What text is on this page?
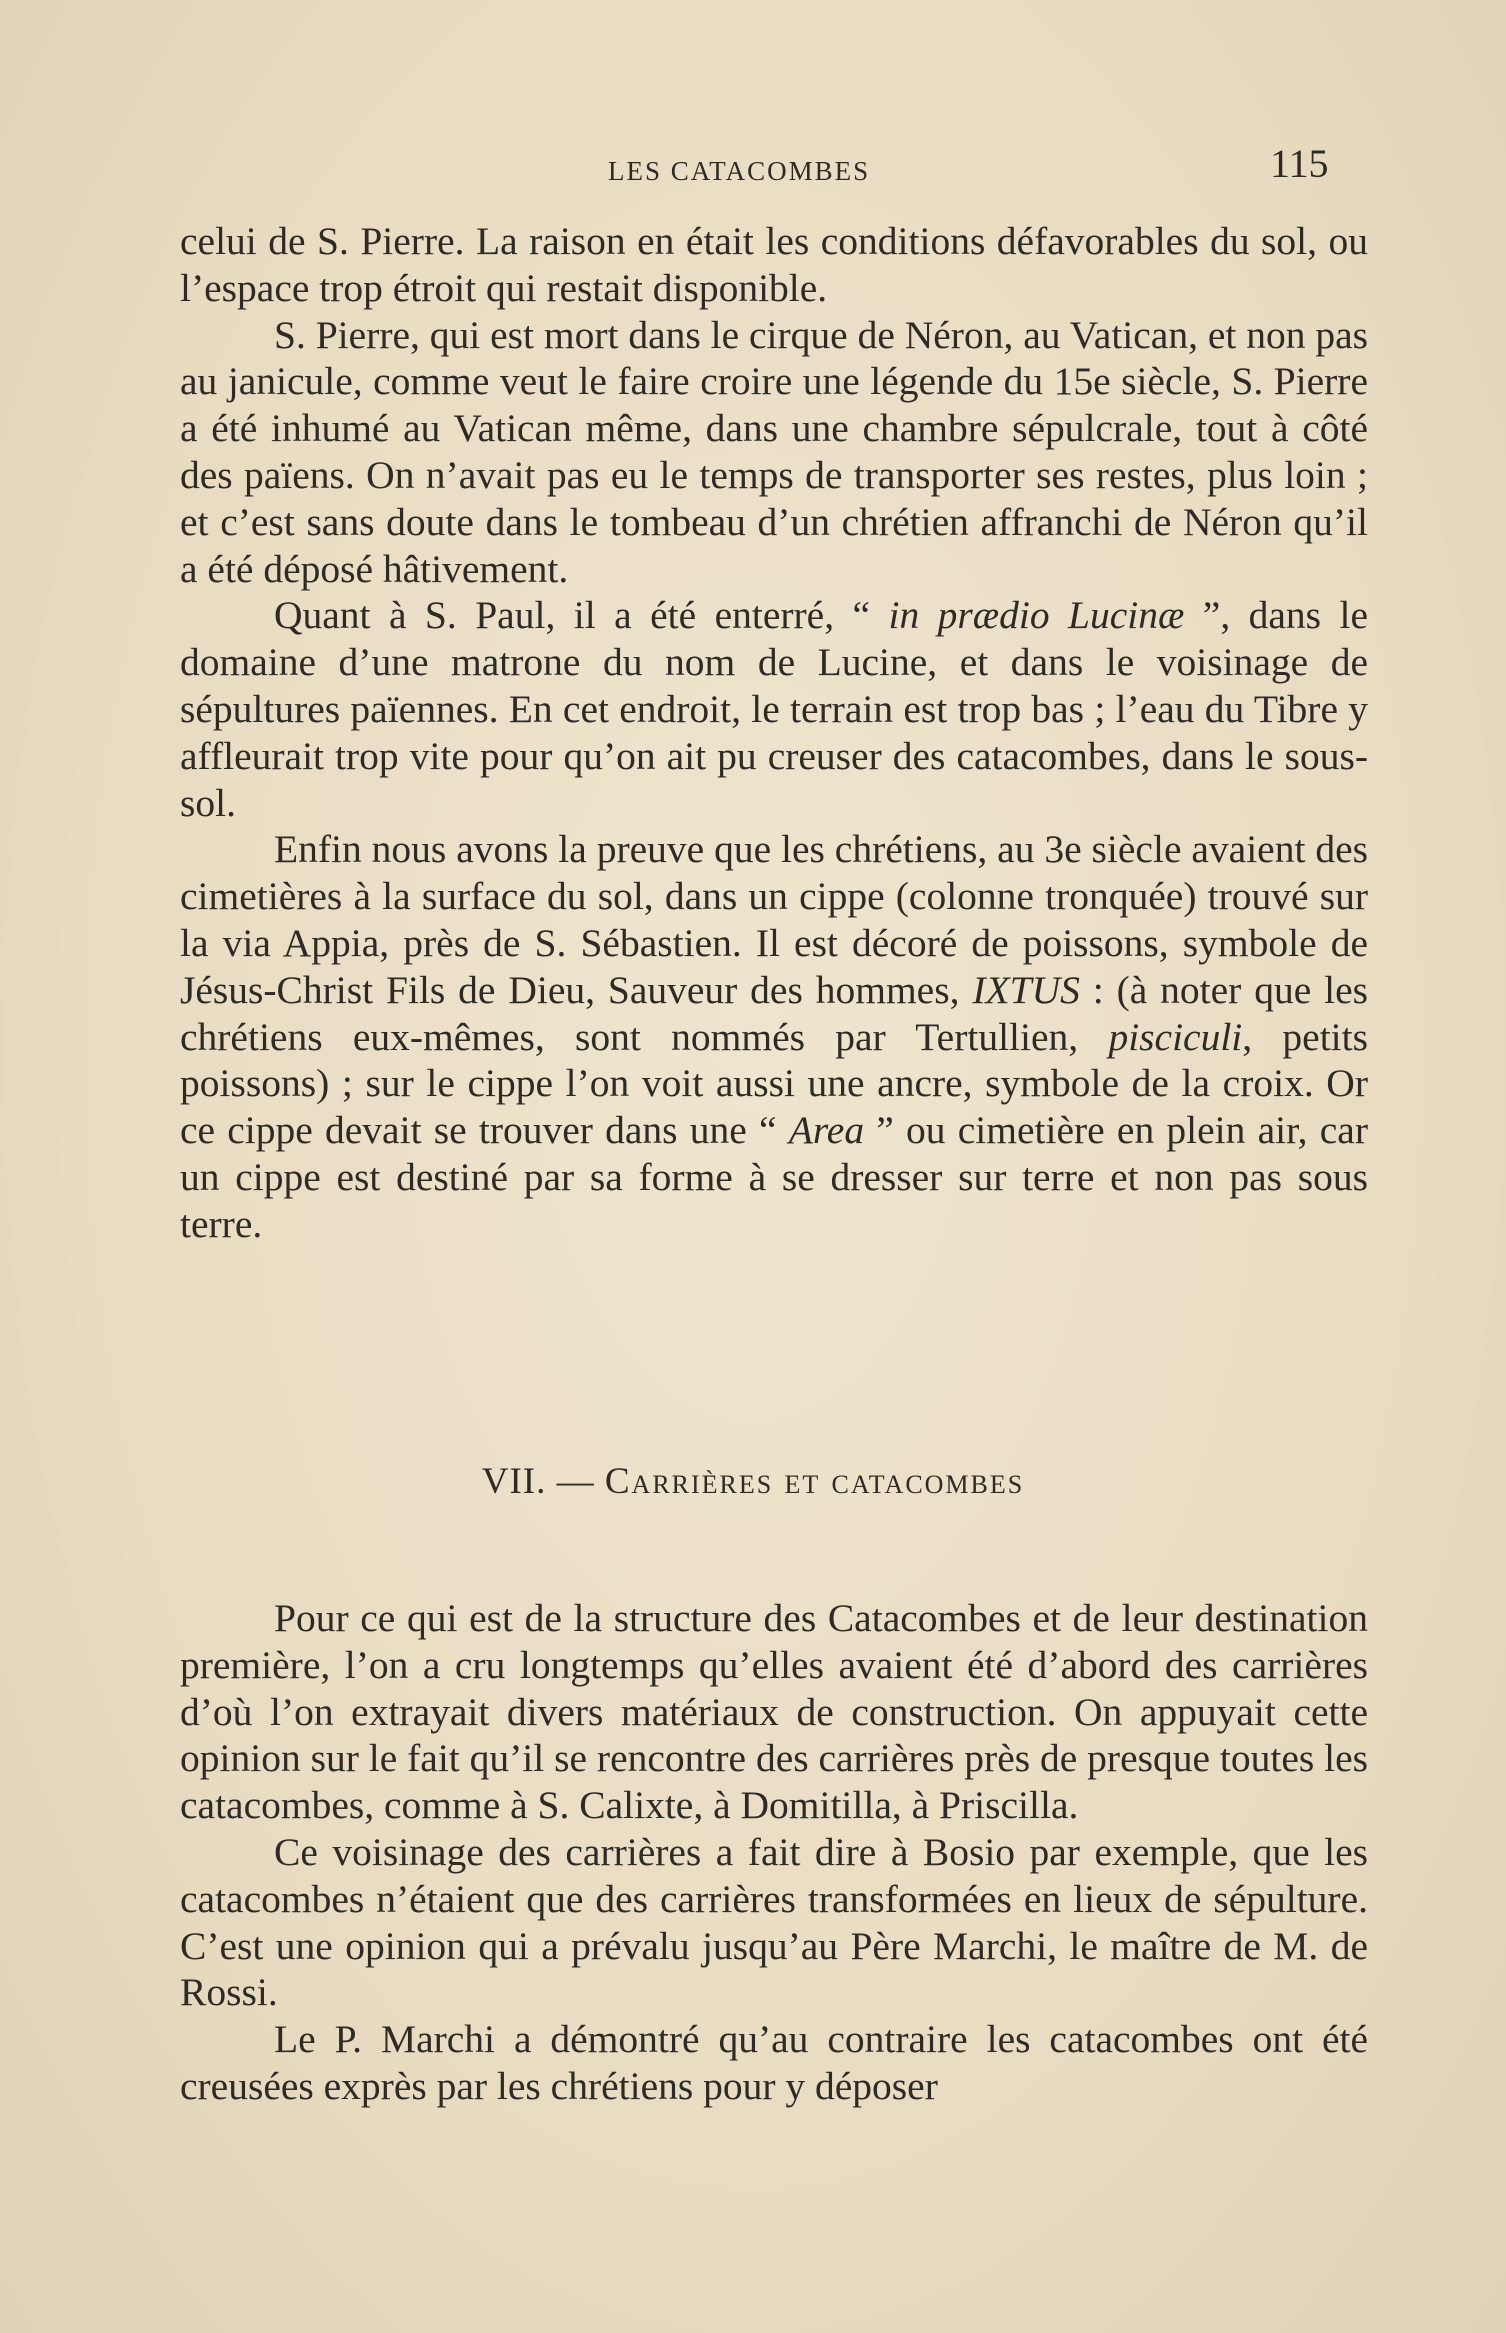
LES CATACOMBES	115

celui de S. Pierre. La raison en était les conditions défavorables du sol, ou l’espace trop étroit qui restait disponible.

S. Pierre, qui est mort dans le cirque de Néron, au Vatican, et non pas au janicule, comme veut le faire croire une légende du 15e siècle, S. Pierre a été inhumé au Vatican même, dans une chambre sépulcrale, tout à côté des païens. On n’avait pas eu le temps de transporter ses restes, plus loin ; et c’est sans doute dans le tombeau d’un chrétien affranchi de Néron qu’il a été déposé hâtivement.

Quant à S. Paul, il a été enterré, “ in prædio Lucinæ ”, dans le domaine d’une matrone du nom de Lucine, et dans le voisinage de sépultures païennes. En cet endroit, le terrain est trop bas ; l’eau du Tibre y affleurait trop vite pour qu’on ait pu creuser des catacombes, dans le sous-sol.

Enfin nous avons la preuve que les chrétiens, au 3e siècle avaient des cimetières à la surface du sol, dans un cippe (colonne tronquée) trouvé sur la via Appia, près de S. Sébastien. Il est décoré de poissons, symbole de Jésus-Christ Fils de Dieu, Sauveur des hommes, IXTUS : (à noter que les chrétiens eux-mêmes, sont nommés par Tertullien, pisciculi, petits poissons) ; sur le cippe l’on voit aussi une ancre, symbole de la croix. Or ce cippe devait se trouver dans une “ Area ” ou cimetière en plein air, car un cippe est destiné par sa forme à se dresser sur terre et non pas sous terre.

VII. — Carrières et catacombes

Pour ce qui est de la structure des Catacombes et de leur destination première, l’on a cru longtemps qu’elles avaient été d’abord des carrières d’où l’on extrayait divers matériaux de construction. On appuyait cette opinion sur le fait qu’il se rencontre des carrières près de presque toutes les catacombes, comme à S. Calixte, à Domitilla, à Priscilla.

Ce voisinage des carrières a fait dire à Bosio par exemple, que les catacombes n’étaient que des carrières transformées en lieux de sépulture. C’est une opinion qui a prévalu jusqu’au Père Marchi, le maître de M. de Rossi.

Le P. Marchi a démontré qu’au contraire les catacombes ont été creusées exprès par les chrétiens pour y déposer
